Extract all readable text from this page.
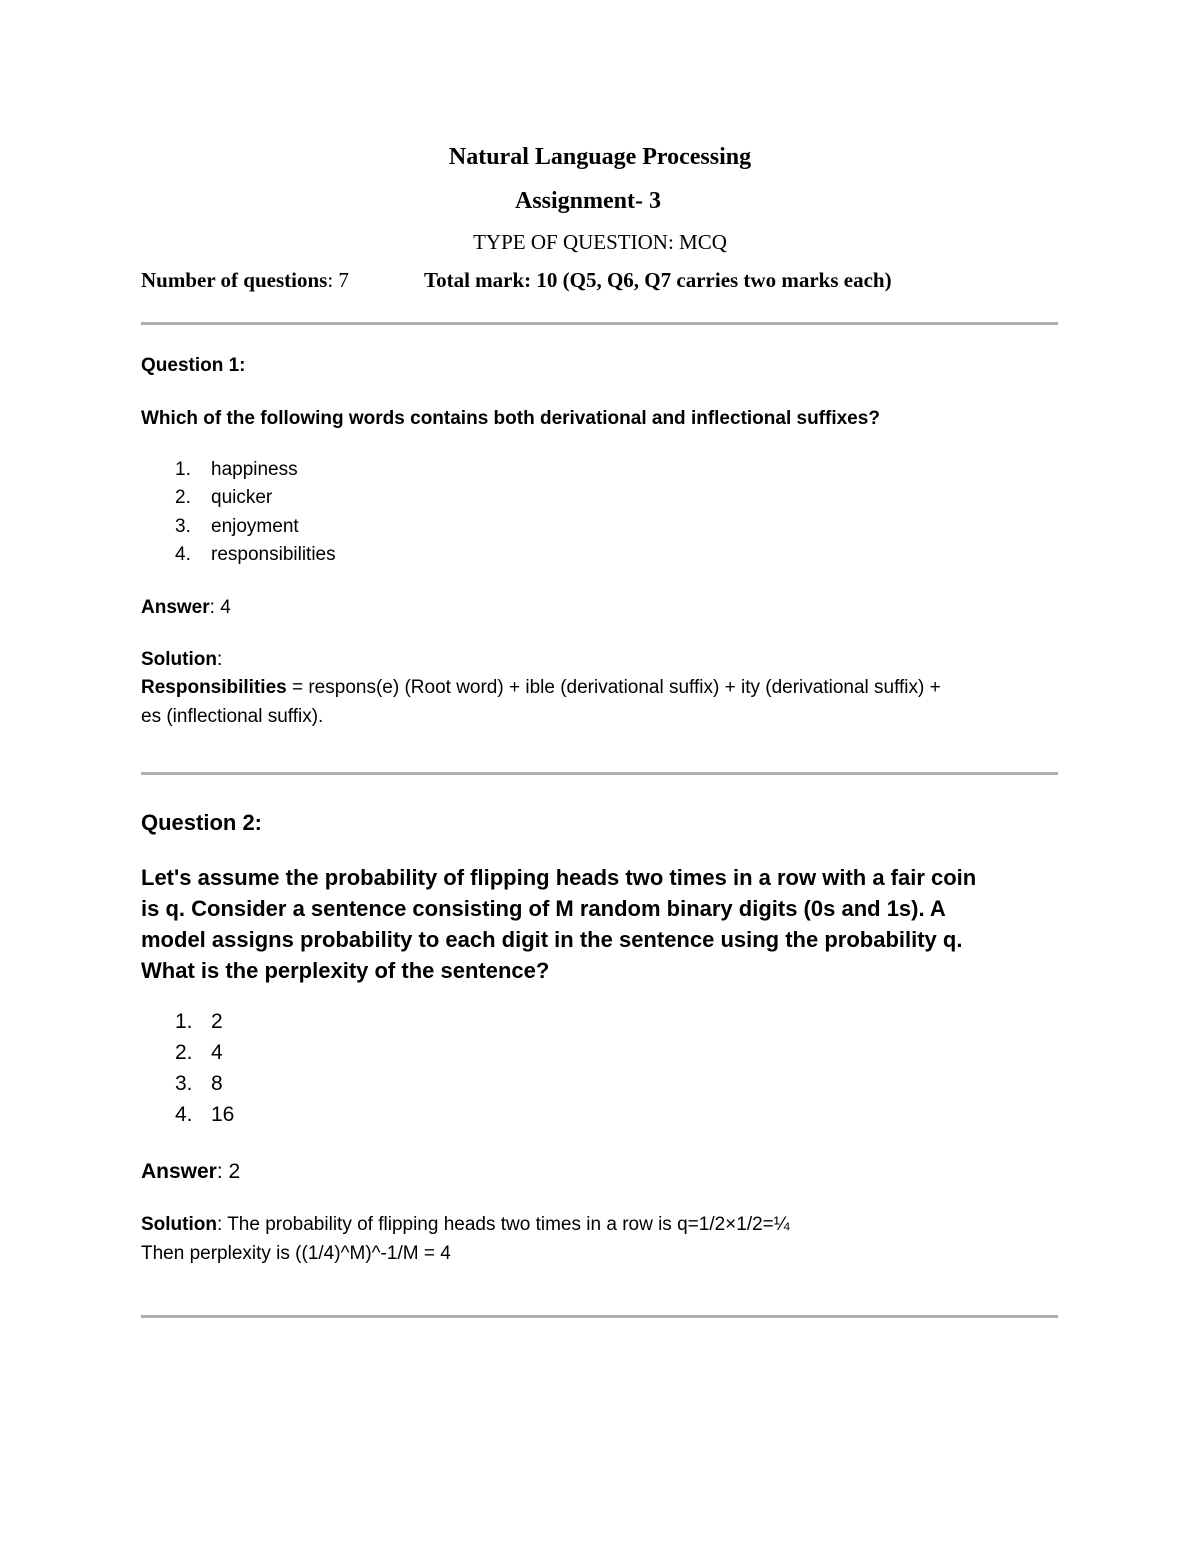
Natural Language Processing
Assignment- 3
TYPE OF QUESTION: MCQ
Number of questions: 7	Total mark: 10 (Q5, Q6, Q7 carries two marks each)
Question 1:
Which of the following words contains both derivational and inflectional suffixes?
1. happiness
2. quicker
3. enjoyment
4. responsibilities
Answer: 4
Solution:
Responsibilities = respons(e) (Root word) + ible (derivational suffix) + ity (derivational suffix) +
es (inflectional suffix).
Question 2:
Let's assume the probability of flipping heads two times in a row with a fair coin
is q. Consider a sentence consisting of M random binary digits (0s and 1s). A
model assigns probability to each digit in the sentence using the probability q.
What is the perplexity of the sentence?
1. 2
2. 4
3. 8
4. 16
Answer: 2
Solution: The probability of flipping heads two times in a row is q=1/2×1/2=¼
Then perplexity is ((1/4)^M)^-1/M = 4
